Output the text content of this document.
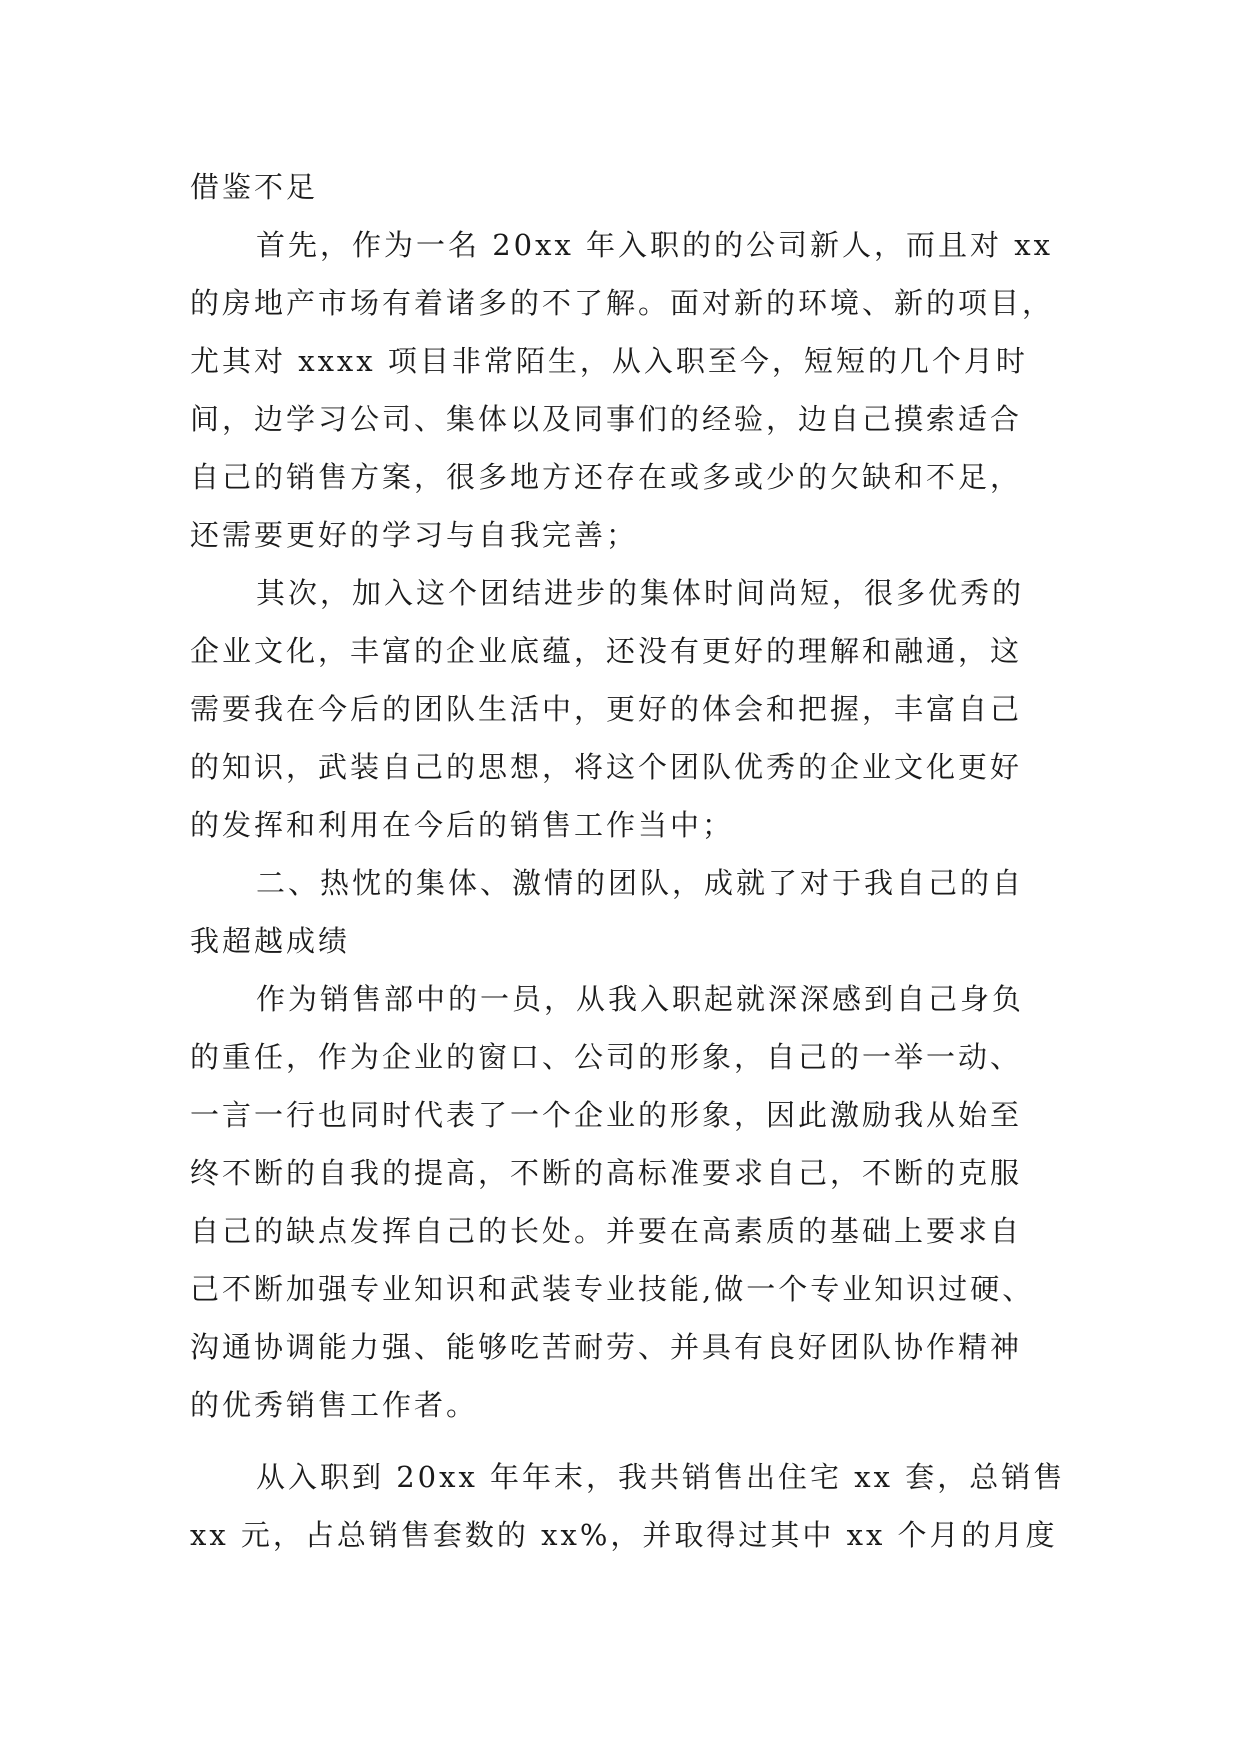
借鉴不足
首先，作为一名 20xx 年入职的的公司新人，而且对 xx
的房地产市场有着诸多的不了解。面对新的环境、新的项目，
尤其对 xxxx 项目非常陌生，从入职至今，短短的几个月时
间，边学习公司、集体以及同事们的经验，边自己摸索适合
自己的销售方案，很多地方还存在或多或少的欠缺和不足，
还需要更好的学习与自我完善；
其次，加入这个团结进步的集体时间尚短，很多优秀的
企业文化，丰富的企业底蕴，还没有更好的理解和融通，这
需要我在今后的团队生活中，更好的体会和把握，丰富自己
的知识，武装自己的思想，将这个团队优秀的企业文化更好
的发挥和利用在今后的销售工作当中；
二、热忱的集体、激情的团队，成就了对于我自己的自
我超越成绩
作为销售部中的一员，从我入职起就深深感到自己身负
的重任，作为企业的窗口、公司的形象，自己的一举一动、
一言一行也同时代表了一个企业的形象，因此激励我从始至
终不断的自我的提高，不断的高标准要求自己，不断的克服
自己的缺点发挥自己的长处。并要在高素质的基础上要求自
己不断加强专业知识和武装专业技能,做一个专业知识过硬、
沟通协调能力强、能够吃苦耐劳、并具有良好团队协作精神
的优秀销售工作者。
从入职到 20xx 年年末，我共销售出住宅 xx 套，总销售
xx 元，占总销售套数的 xx%，并取得过其中 xx 个月的月度
